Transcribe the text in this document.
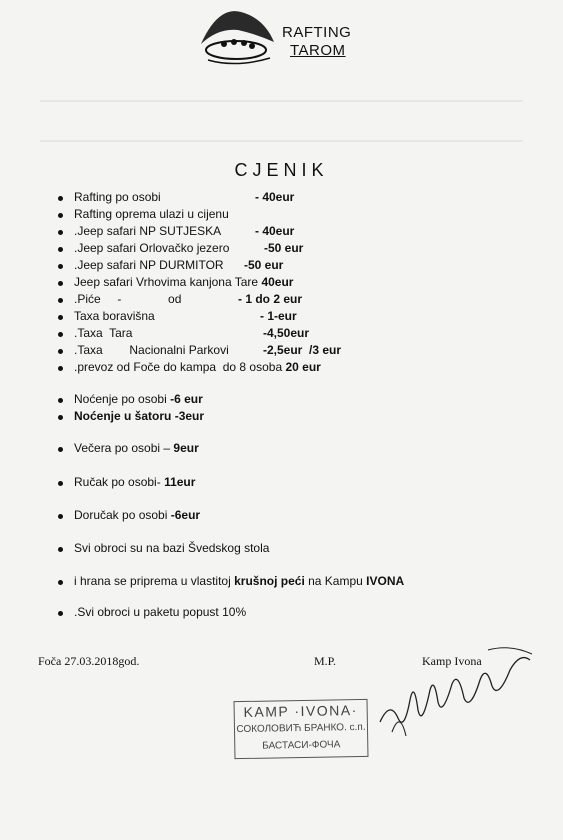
RAFTING
TAROM
CJENIK
Rafting po osobi	- 40eur
Rafting oprema ulazi u cijenu
.Jeep safari NP SUTJESKA	- 40eur
.Jeep safari Orlovačko jezero	-50 eur
.Jeep safari NP DURMITOR -50 eur
Jeep safari Vrhovima kanjona Tare 40eur
.Piće     -              od	- 1 do 2 eur
Taxa boravišna	- 1-eur
.Taxa  Tara	-4,50eur
.Taxa        Nacionalni Parkovi	-2,5eur  /3 eur
.prevoz od Foče do kampa  do 8 osoba 20 eur
Noćenje po osobi -6 eur
Noćenje u šatoru -3eur
Večera po osobi – 9eur
Ručak po osobi- 11eur
Doručak po osobi -6eur
Svi obroci su na bazi Švedskog stola
i hrana se priprema u vlastitoj krušnoj peći na Kampu IVONA
.Svi obroci u paketu popust 10%
Foča 27.03.2018god.	M.P.	Kamp Ivona
KAMP ·IVONA·
СОКОЛОВИЋ БРАНКО. с.п.
БАСТАСИ-ФОЧА
